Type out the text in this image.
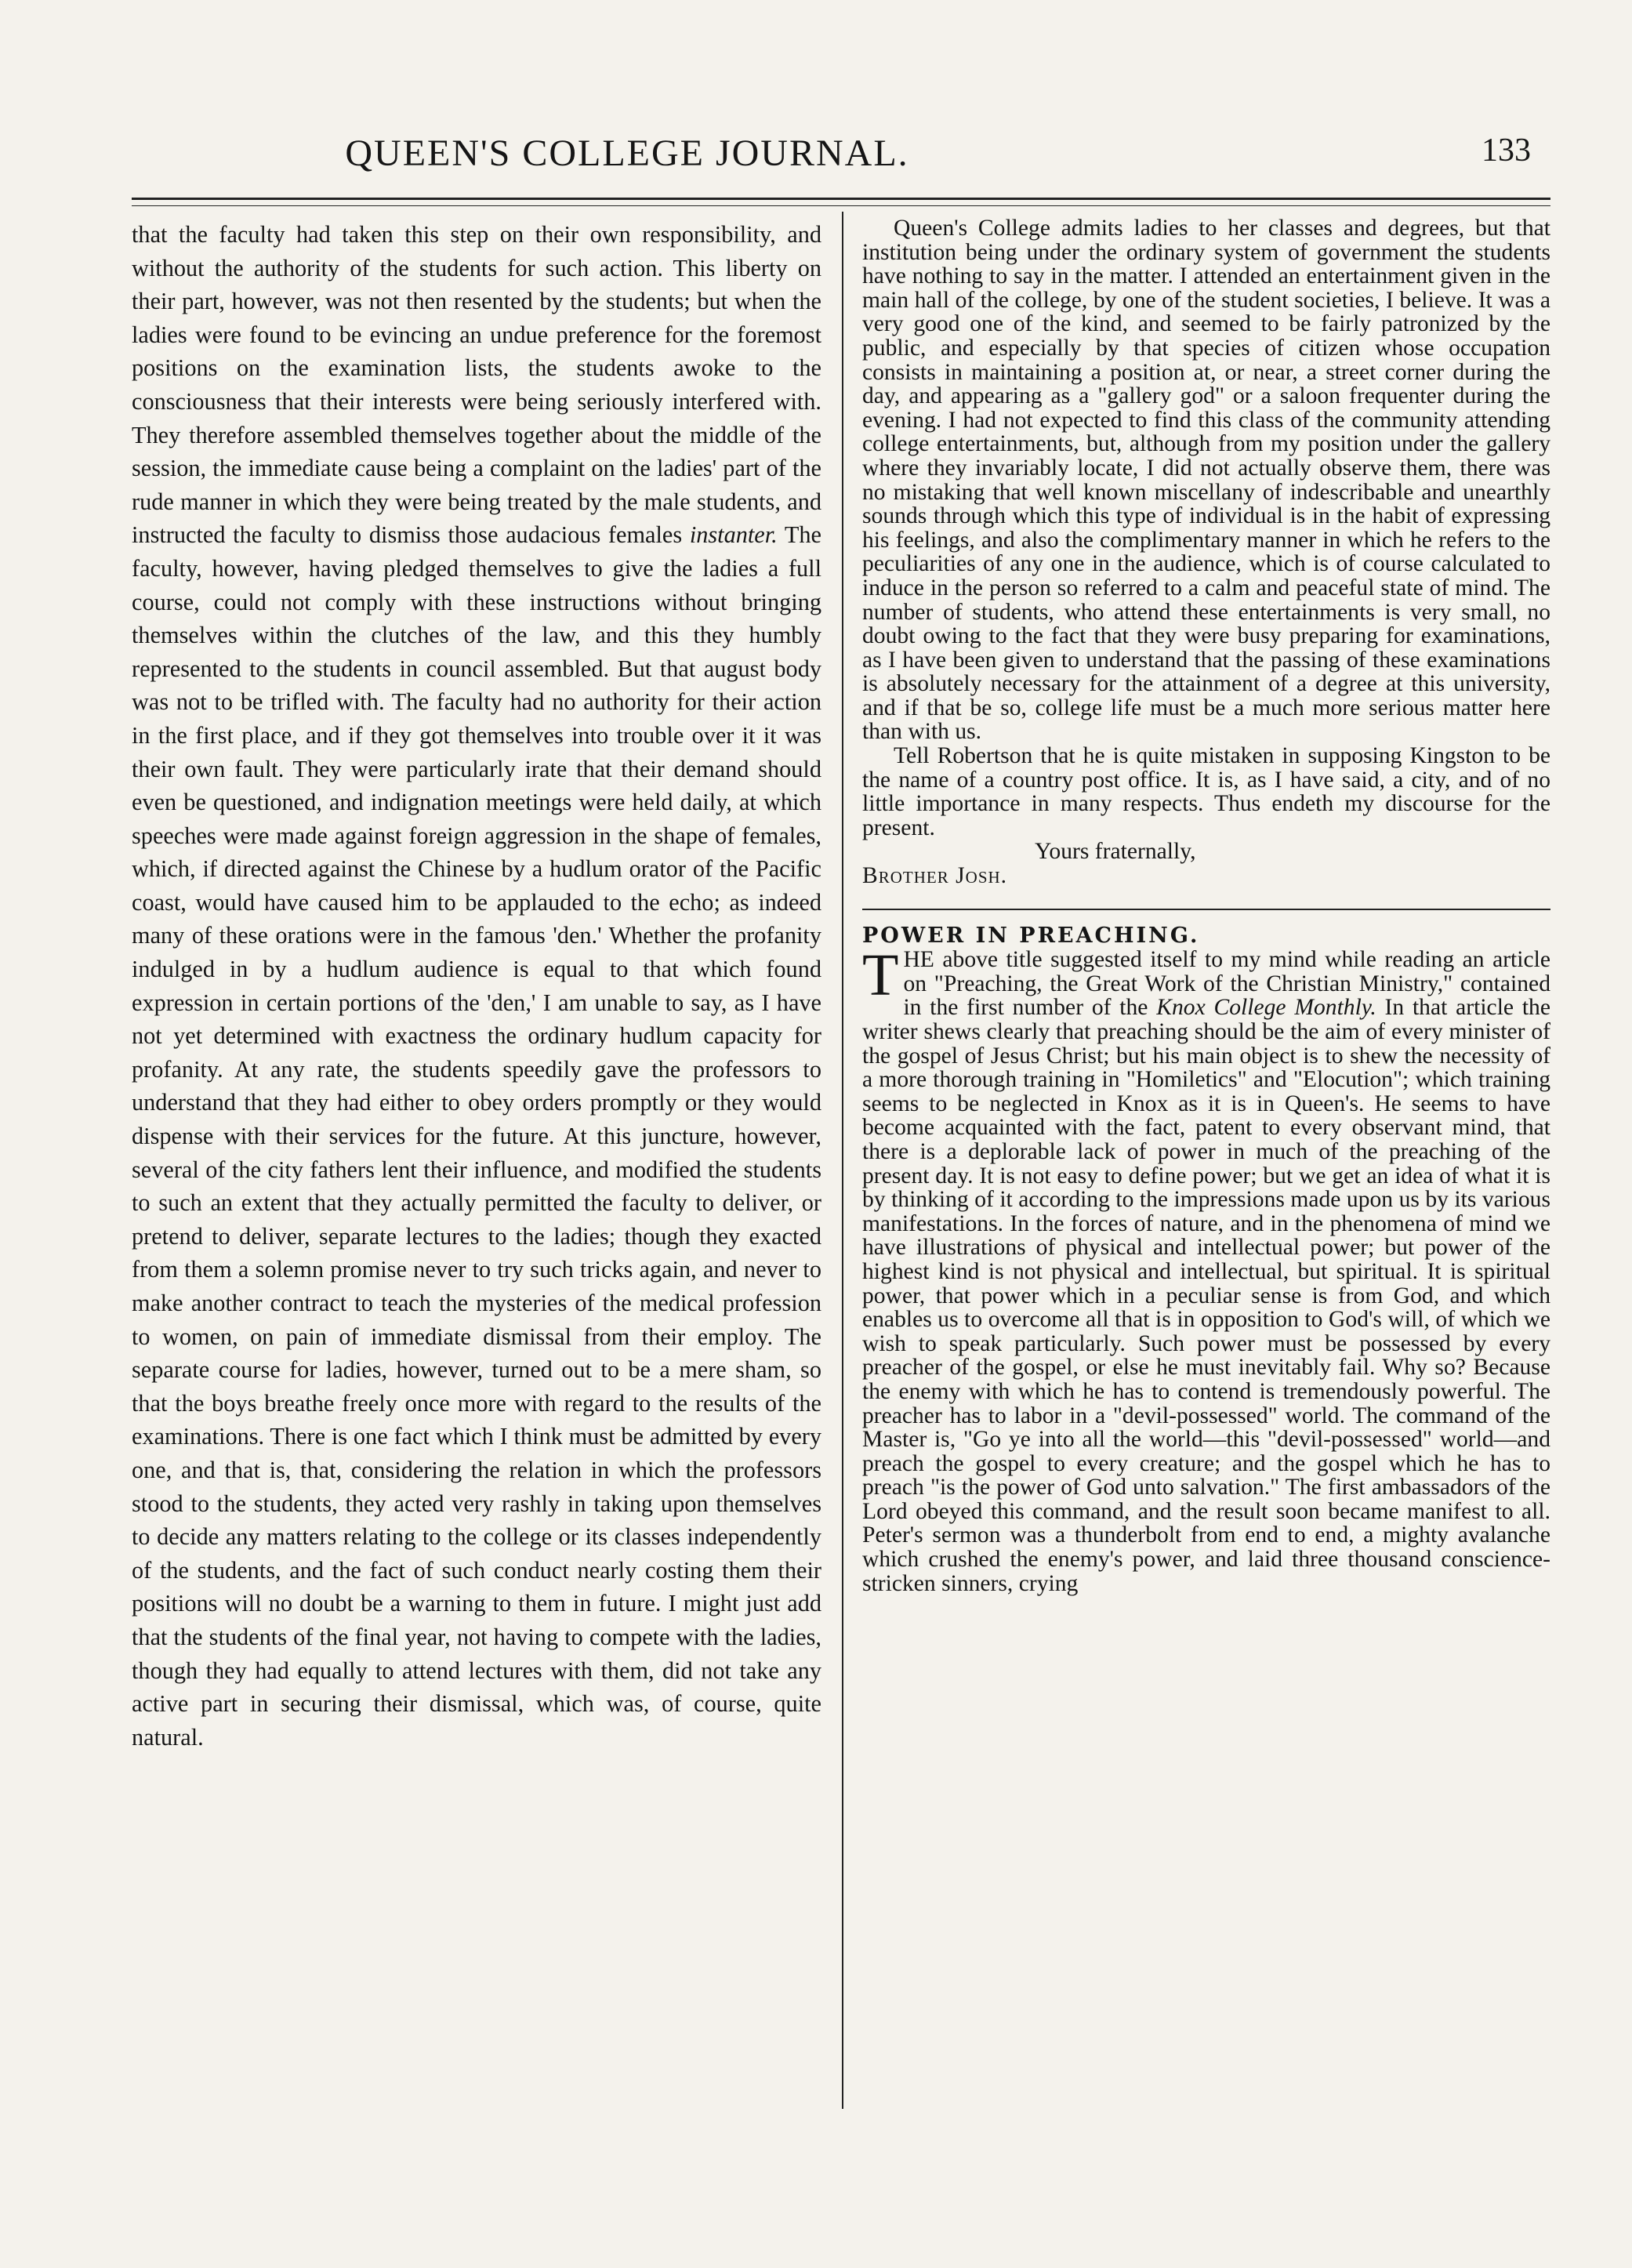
QUEEN'S COLLEGE JOURNAL.	133

that the faculty had taken this step on their own responsibility, and without the authority of the students for such action. This liberty on their part, however, was not then resented by the students; but when the ladies were found to be evincing an undue preference for the foremost positions on the examination lists, the students awoke to the consciousness that their interests were being seriously interfered with. They therefore assembled themselves together about the middle of the session, the immediate cause being a complaint on the ladies' part of the rude manner in which they were being treated by the male students, and instructed the faculty to dismiss those audacious females instanter. The faculty, however, having pledged themselves to give the ladies a full course, could not comply with these instructions without bringing themselves within the clutches of the law, and this they humbly represented to the students in council assembled. But that august body was not to be trifled with. The faculty had no authority for their action in the first place, and if they got themselves into trouble over it it was their own fault. They were particularly irate that their demand should even be questioned, and indignation meetings were held daily, at which speeches were made against foreign aggression in the shape of females, which, if directed against the Chinese by a hudlum orator of the Pacific coast, would have caused him to be applauded to the echo; as indeed many of these orations were in the famous 'den.' Whether the profanity indulged in by a hudlum audience is equal to that which found expression in certain portions of the 'den,' I am unable to say, as I have not yet determined with exactness the ordinary hudlum capacity for profanity. At any rate, the students speedily gave the professors to understand that they had either to obey orders promptly or they would dispense with their services for the future. At this juncture, however, several of the city fathers lent their influence, and modified the students to such an extent that they actually permitted the faculty to deliver, or pretend to deliver, separate lectures to the ladies; though they exacted from them a solemn promise never to try such tricks again, and never to make another contract to teach the mysteries of the medical profession to women, on pain of immediate dismissal from their employ. The separate course for ladies, however, turned out to be a mere sham, so that the boys breathe freely once more with regard to the results of the examinations. There is one fact which I think must be admitted by every one, and that is, that, considering the relation in which the professors stood to the students, they acted very rashly in taking upon themselves to decide any matters relating to the college or its classes independently of the students, and the fact of such conduct nearly costing them their positions will no doubt be a warning to them in future. I might just add that the students of the final year, not having to compete with the ladies, though they had equally to attend lectures with them, did not take any active part in securing their dismissal, which was, of course, quite natural.

Queen's College admits ladies to her classes and degrees, but that institution being under the ordinary system of government the students have nothing to say in the matter. I attended an entertainment given in the main hall of the college, by one of the student societies, I believe. It was a very good one of the kind, and seemed to be fairly patronized by the public, and especially by that species of citizen whose occupation consists in maintaining a position at, or near, a street corner during the day, and appearing as a "gallery god" or a saloon frequenter during the evening. I had not expected to find this class of the community attending college entertainments, but, although from my position under the gallery where they invariably locate, I did not actually observe them, there was no mistaking that well known miscellany of indescribable and unearthly sounds through which this type of individual is in the habit of expressing his feelings, and also the complimentary manner in which he refers to the peculiarities of any one in the audience, which is of course calculated to induce in the person so referred to a calm and peaceful state of mind. The number of students, who attend these entertainments is very small, no doubt owing to the fact that they were busy preparing for examinations, as I have been given to understand that the passing of these examinations is absolutely necessary for the attainment of a degree at this university, and if that be so, college life must be a much more serious matter here than with us.

Tell Robertson that he is quite mistaken in supposing Kingston to be the name of a country post office. It is, as I have said, a city, and of no little importance in many respects. Thus endeth my discourse for the present.

Yours fraternally,

Brother Josh.

POWER IN PREACHING.

T HE above title suggested itself to my mind while reading an article on "Preaching, the Great Work of the Christian Ministry," contained in the first number of the Knox College Monthly. In that article the writer shews clearly that preaching should be the aim of every minister of the gospel of Jesus Christ; but his main object is to shew the necessity of a more thorough training in "Homiletics" and "Elocution"; which training seems to be neglected in Knox as it is in Queen's. He seems to have become acquainted with the fact, patent to every observant mind, that there is a deplorable lack of power in much of the preaching of the present day. It is not easy to define power; but we get an idea of what it is by thinking of it according to the impressions made upon us by its various manifestations. In the forces of nature, and in the phenomena of mind we have illustrations of physical and intellectual power; but power of the highest kind is not physical and intellectual, but spiritual. It is spiritual power, that power which in a peculiar sense is from God, and which enables us to overcome all that is in opposition to God's will, of which we wish to speak particularly. Such power must be possessed by every preacher of the gospel, or else he must inevitably fail. Why so? Because the enemy with which he has to contend is tremendously powerful. The preacher has to labor in a "devil-possessed" world. The command of the Master is, "Go ye into all the world—this "devil-possessed" world—and preach the gospel to every creature; and the gospel which he has to preach "is the power of God unto salvation." The first ambassadors of the Lord obeyed this command, and the result soon became manifest to all. Peter's sermon was a thunderbolt from end to end, a mighty avalanche which crushed the enemy's power, and laid three thousand conscience-stricken sinners, crying
